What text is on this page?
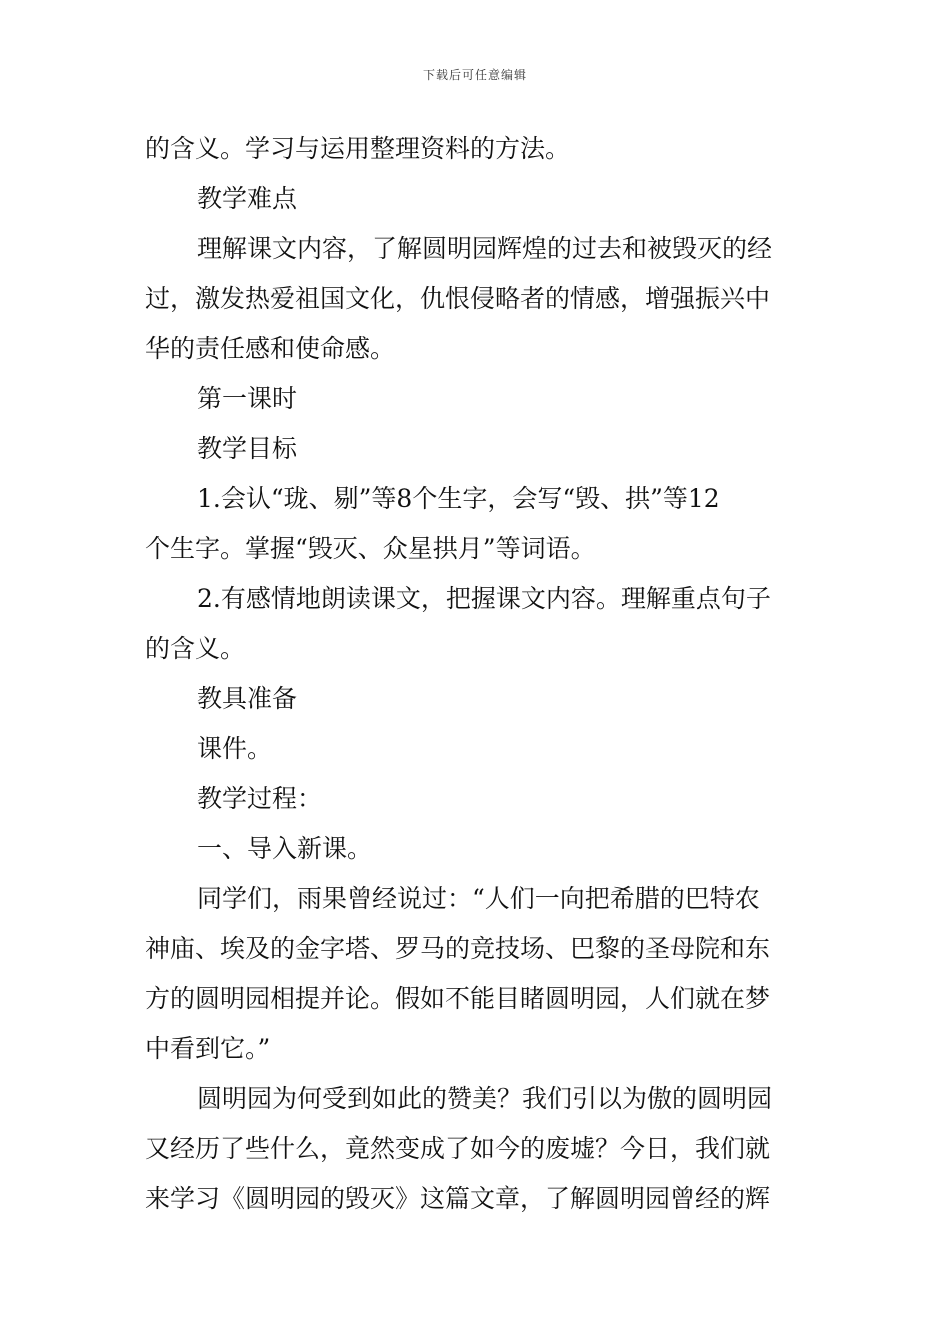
下载后可任意编辑
的含义。学习与运用整理资料的方法。
教学难点
理解课文内容，了解圆明园辉煌的过去和被毁灭的经
过，激发热爱祖国文化，仇恨侵略者的情感，增强振兴中
华的责任感和使命感。
第一课时
教学目标
1.会认“珑、剔”等8个生字，会写“毁、拱”等12
个生字。掌握“毁灭、众星拱月”等词语。
2.有感情地朗读课文，把握课文内容。理解重点句子
的含义。
教具准备
课件。
教学过程：
一、导入新课。
同学们，雨果曾经说过：“人们一向把希腊的巴特农
神庙、埃及的金字塔、罗马的竞技场、巴黎的圣母院和东
方的圆明园相提并论。假如不能目睹圆明园，人们就在梦
中看到它。”
圆明园为何受到如此的赞美？我们引以为傲的圆明园
又经历了些什么，竟然变成了如今的废墟？今日，我们就
来学习《圆明园的毁灭》这篇文章，了解圆明园曾经的辉
